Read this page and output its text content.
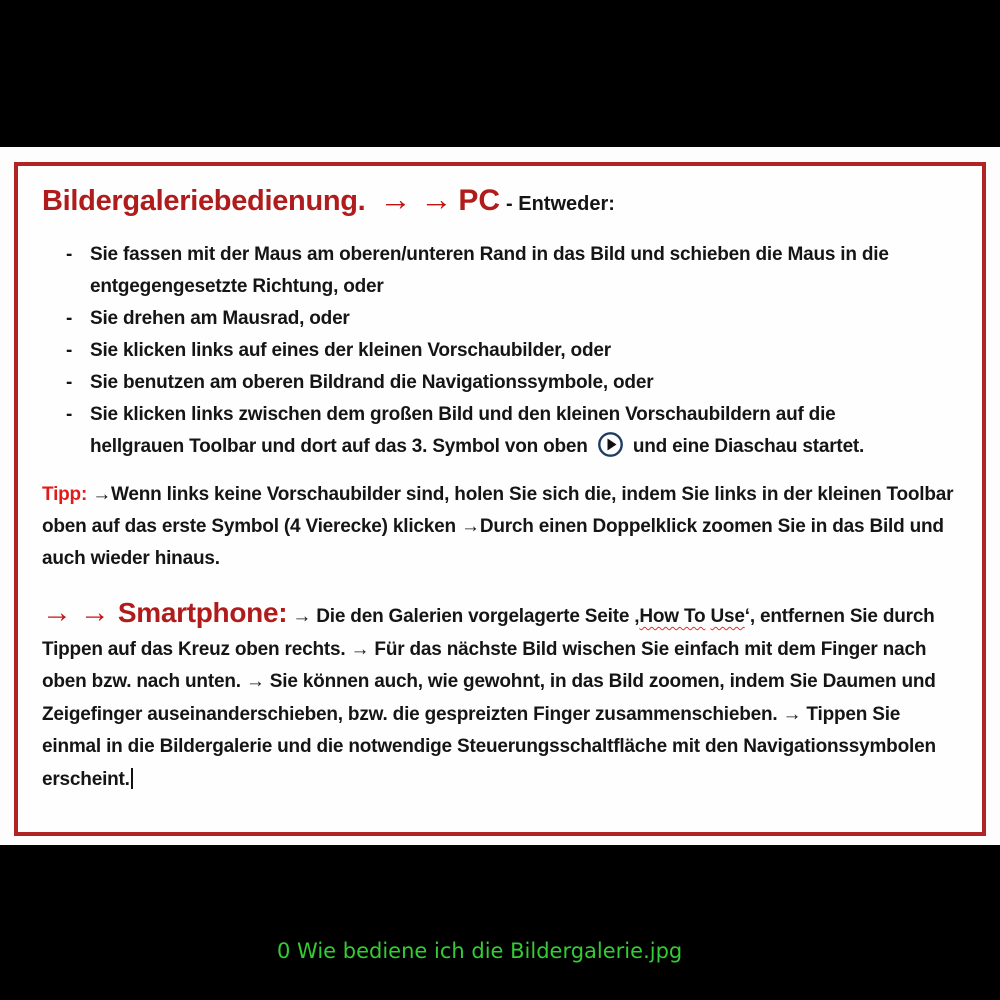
Bildergaleriebedienung. → → PC - Entweder:
- Sie fassen mit der Maus am oberen/unteren Rand in das Bild und schieben die Maus in die entgegengesetzte Richtung, oder
- Sie drehen am Mausrad, oder
- Sie klicken links auf eines der kleinen Vorschaubilder, oder
- Sie benutzen am oberen Bildrand die Navigationssymbole, oder
- Sie klicken links zwischen dem großen Bild und den kleinen Vorschaubildern auf die hellgrauen Toolbar und dort auf das 3. Symbol von oben  und eine Diaschau startet.
Tipp: →Wenn links keine Vorschaubilder sind, holen Sie sich die, indem Sie links in der kleinen Toolbar oben auf das erste Symbol (4 Vierecke) klicken →Durch einen Doppelklick zoomen Sie in das Bild und auch wieder hinaus.
→ → Smartphone: → Die den Galerien vorgelagerte Seite ‚How To Use‘, entfernen Sie durch Tippen auf das Kreuz oben rechts. → Für das nächste Bild wischen Sie einfach mit dem Finger nach oben bzw. nach unten. → Sie können auch, wie gewohnt, in das Bild zoomen, indem Sie Daumen und Zeigefinger auseinanderschieben, bzw. die gespreizten Finger zusammenschieben. → Tippen Sie einmal in die Bildergalerie und die notwendige Steuerungsschaltfläche mit den Navigationssymbolen erscheint.
0 Wie bediene ich die Bildergalerie.jpg
